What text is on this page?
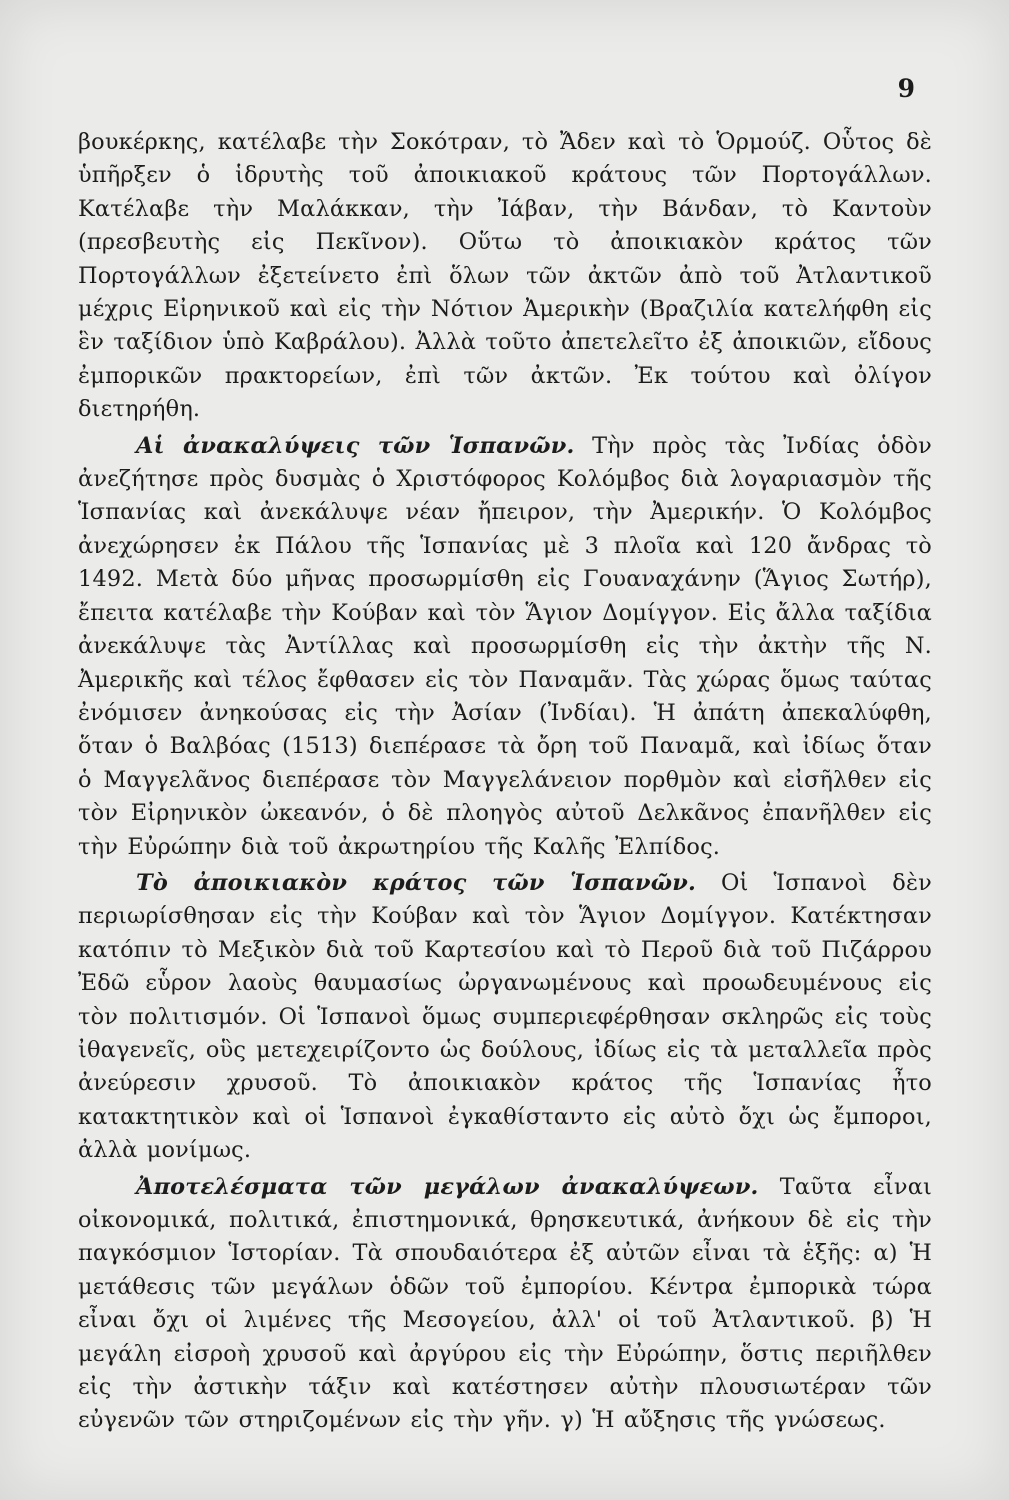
9

βουκέρκης, κατέλαβε τὴν Σοκότραν, τὸ Ἄδεν καὶ τὸ Ὁρμούζ. Οὗτος δὲ ὑπῆρξεν ὁ ἱδρυτὴς τοῦ ἀποικιακοῦ κράτους τῶν Πορτογάλλων. Κατέλαβε τὴν Μαλάκκαν, τὴν Ἰάβαν, τὴν Βάνδαν, τὸ Καντοὺν (πρεσβευτὴς εἰς Πεκῖνον). Οὕτω τὸ ἀποικιακὸν κράτος τῶν Πορτογάλλων ἐξετείνετο ἐπὶ ὅλων τῶν ἀκτῶν ἀπὸ τοῦ Ἀτλαντικοῦ μέχρις Εἰρηνικοῦ καὶ εἰς τὴν Νότιον Ἀμερικὴν (Βραζιλία κατελήφθη εἰς ἓν ταξίδιον ὑπὸ Καβράλου). Ἀλλὰ τοῦτο ἀπετελεῖτο ἐξ ἀποικιῶν, εἴδους ἐμπορικῶν πρακτορείων, ἐπὶ τῶν ἀκτῶν. Ἐκ τούτου καὶ ὀλίγον διετηρήθη.

Αἱ ἀνακαλύψεις τῶν Ἱσπανῶν. Τὴν πρὸς τὰς Ἰνδίας ὁδὸν ἀνεζήτησε πρὸς δυσμὰς ὁ Χριστόφορος Κολόμβος διὰ λογαριασμὸν τῆς Ἱσπανίας καὶ ἀνεκάλυψε νέαν ἤπειρον, τὴν Ἀμερικήν. Ὁ Κολόμβος ἀνεχώρησεν ἐκ Πάλου τῆς Ἱσπανίας μὲ 3 πλοῖα καὶ 120 ἄνδρας τὸ 1492. Μετὰ δύο μῆνας προσωρμίσθη εἰς Γουαναχάνην (Ἅγιος Σωτήρ), ἔπειτα κατέλαβε τὴν Κούβαν καὶ τὸν Ἅγιον Δομίγγον. Εἰς ἄλλα ταξίδια ἀνεκάλυψε τὰς Ἀντίλλας καὶ προσωρμίσθη εἰς τὴν ἀκτὴν τῆς Ν. Ἀμερικῆς καὶ τέλος ἔφθασεν εἰς τὸν Παναμᾶν. Τὰς χώρας ὅμως ταύτας ἐνόμισεν ἀνηκούσας εἰς τὴν Ἀσίαν (Ἰνδίαι). Ἡ ἀπάτη ἀπεκαλύφθη, ὅταν ὁ Βαλβόας (1513) διεπέρασε τὰ ὄρη τοῦ Παναμᾶ, καὶ ἰδίως ὅταν ὁ Μαγγελᾶνος διεπέρασε τὸν Μαγγελάνειον πορθμὸν καὶ εἰσῆλθεν εἰς τὸν Εἰρηνικὸν ὠκεανόν, ὁ δὲ πλοηγὸς αὐτοῦ Δελκᾶνος ἐπανῆλθεν εἰς τὴν Εὐρώπην διὰ τοῦ ἀκρωτηρίου τῆς Καλῆς Ἐλπίδος.

Τὸ ἀποικιακὸν κράτος τῶν Ἱσπανῶν. Οἱ Ἱσπανοὶ δὲν περιωρίσθησαν εἰς τὴν Κούβαν καὶ τὸν Ἅγιον Δομίγγον. Κατέκτησαν κατόπιν τὸ Μεξικὸν διὰ τοῦ Καρτεσίου καὶ τὸ Περοῦ διὰ τοῦ Πιζάρρου Ἐδῶ εὗρον λαοὺς θαυμασίως ὠργανωμένους καὶ προωδευμένους εἰς τὸν πολιτισμόν. Οἱ Ἱσπανοὶ ὅμως συμπεριεφέρθησαν σκληρῶς εἰς τοὺς ἰθαγενεῖς, οὓς μετεχειρίζοντο ὡς δούλους, ἰδίως εἰς τὰ μεταλλεῖα πρὸς ἀνεύρεσιν χρυσοῦ. Τὸ ἀποικιακὸν κράτος τῆς Ἱσπανίας ἦτο κατακτητικὸν καὶ οἱ Ἱσπανοὶ ἐγκαθίσταντο εἰς αὐτὸ ὄχι ὡς ἔμποροι, ἀλλὰ μονίμως.

Ἀποτελέσματα τῶν μεγάλων ἀνακαλύψεων. Ταῦτα εἶναι οἰκονομικά, πολιτικά, ἐπιστημονικά, θρησκευτικά, ἀνήκουν δὲ εἰς τὴν παγκόσμιον Ἱστορίαν. Τὰ σπουδαιότερα ἐξ αὐτῶν εἶναι τὰ ἑξῆς: α) Ἡ μετάθεσις τῶν μεγάλων ὁδῶν τοῦ ἐμπορίου. Κέντρα ἐμπορικὰ τώρα εἶναι ὄχι οἱ λιμένες τῆς Μεσογείου, ἀλλ' οἱ τοῦ Ἀτλαντικοῦ. β) Ἡ μεγάλη εἰσροὴ χρυσοῦ καὶ ἀργύρου εἰς τὴν Εὐρώπην, ὅστις περιῆλθεν εἰς τὴν ἀστικὴν τάξιν καὶ κατέστησεν αὐτὴν πλουσιωτέραν τῶν εὐγενῶν τῶν στηριζομένων εἰς τὴν γῆν. γ) Ἡ αὔξησις τῆς γνώσεως.
